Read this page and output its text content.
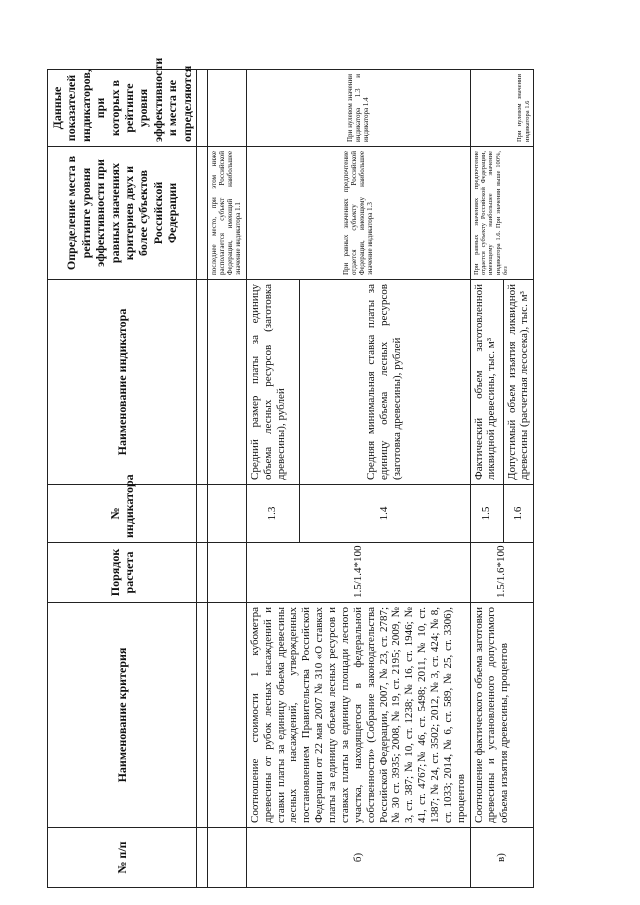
№ п/п	Наименование критерия	Порядок расчета	№ индикатора	Наименование индикатора	Определение места в рейтинге уровня эффективности при равных значениях критериев двух и более субъектов Российской Федерации	Данные показателей индикаторов, при которых в рейтинге уровня эффективности и места не определяются

					последнее место, при этом ниже располагается субъект Российской Федерации, имеющий наибольшее значение индикатора 1.1	
б)	Соотношение стоимости 1 кубометра древесины от рубок лесных насаждений и ставки платы за единицу объема древесины лесных насаждений, утвержденных постановлением Правительства Российской Федерации от 22 мая 2007 № 310 «О ставках платы за единицу объема лесных ресурсов и ставках платы за единицу площади лесного участка, находящегося в федеральной собственности» (Собрание законодательства Российской Федерации, 2007, № 23, ст. 2787; № 30 ст. 3935; 2008, № 19, ст. 2195; 2009, № 3, ст. 387; № 10, ст. 1238; № 16, ст. 1946; № 41, ст. 4767;№ 46, ст. 5498; 2011, № 10, ст. 1387; № 24, ст. 3502; 2012, № 3, ст. 424; № 8, ст. 1033; 2014, № 6, ст. 589, № 25, ст. 3306), процентов	1.5/1.4*100	1.3	Средний размер платы за единицу объема лесных ресурсов (заготовка древесины), рублей	При равных значениях предпочтение отдается субъекту Российской Федерации, имеющему наибольшее значение индикатора 1.3	При нулевом значении индикатора 1.3 и индикатора 1.4
			1.4	Средняя минимальная ставка платы за единицу объема лесных ресурсов (заготовка древесины), рублей		
в)	Соотношение фактического объема заготовки древесины и установленного допустимого объема изъятия древесины, процентов	1.5/1.6*100	1.5	Фактический объем заготовленной ликвидной древесины, тыс. м³	При равных значениях предпочтение отдается субъекту Российской Федерации, имеющему наибольшее значение индикатора 1.6. При значении выше 100%, без	При нулевом значении индикатора 1.6
			1.6	Допустимый объем изъятия ликвидной древесины (расчетная лесосека), тыс. м³		
